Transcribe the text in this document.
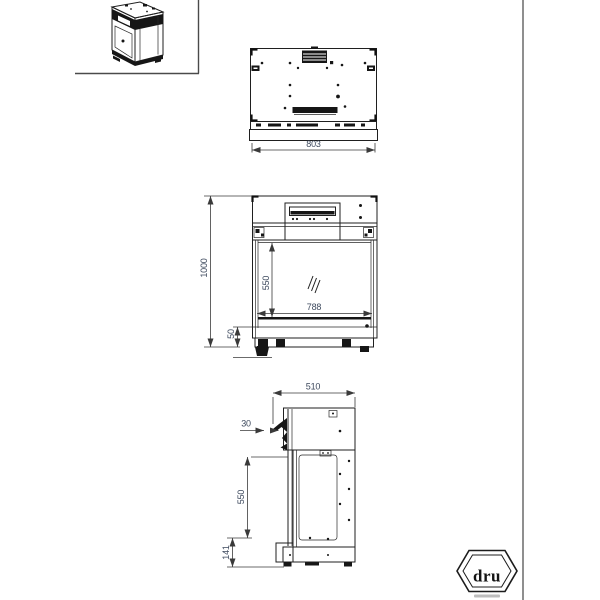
803
1000
550
788
50
510
30
550
141
dru
